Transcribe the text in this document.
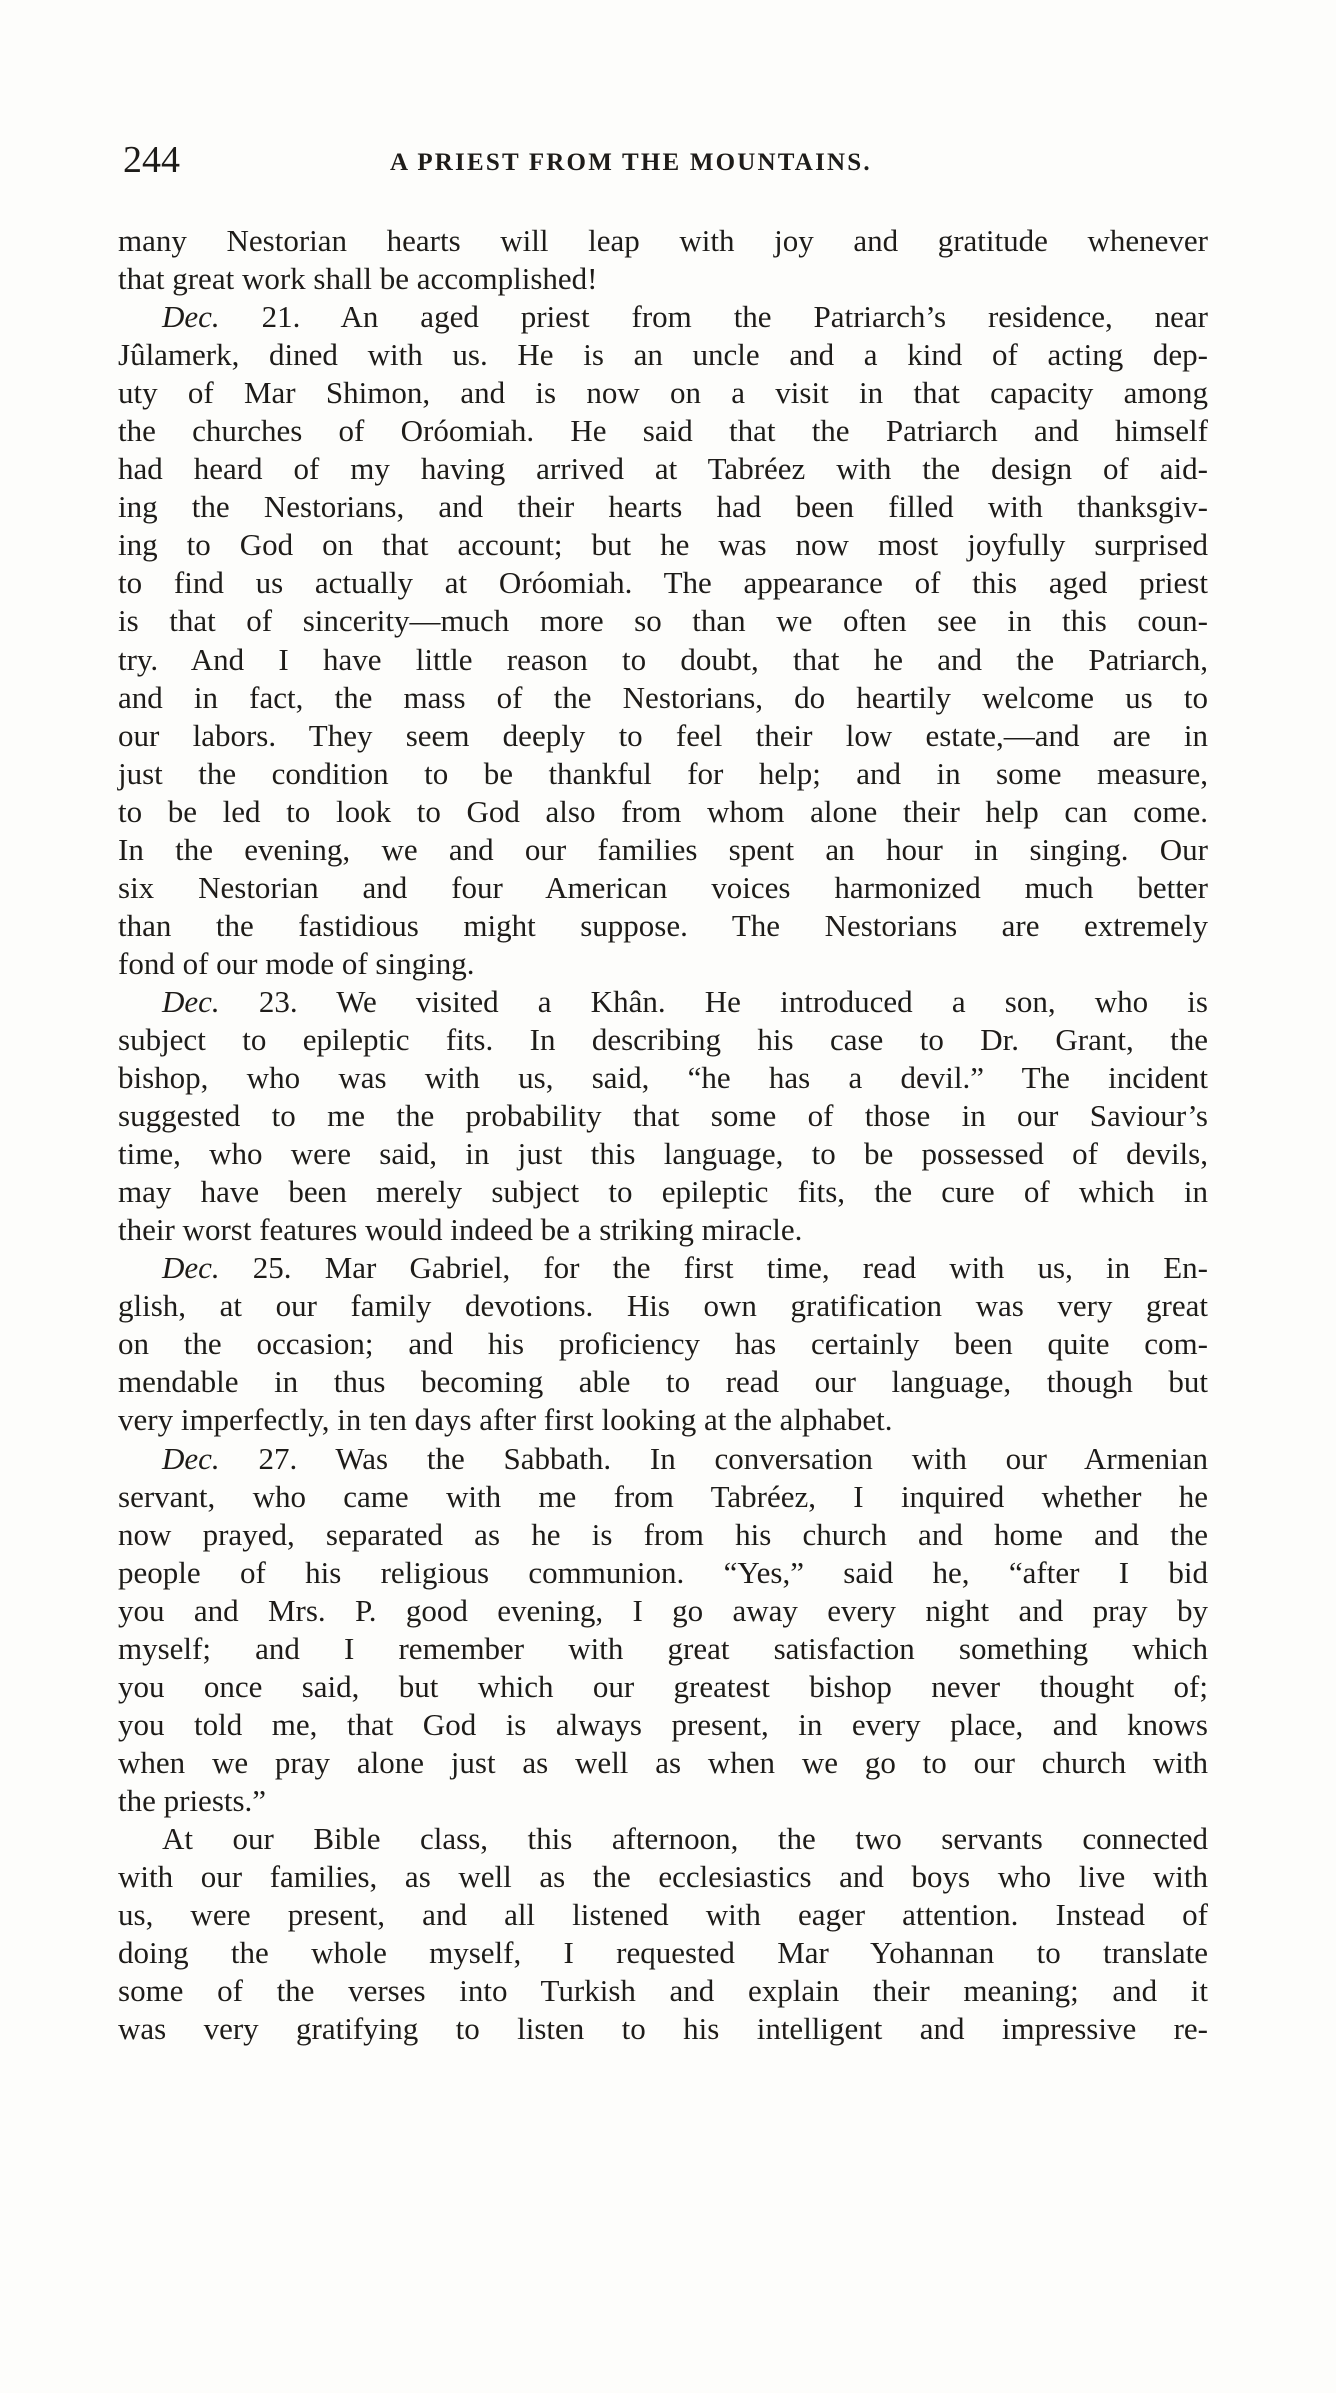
244	A PRIEST FROM THE MOUNTAINS.
many Nestorian hearts will leap with joy and gratitude whenever
that great work shall be accomplished!
Dec. 21. An aged priest from the Patriarch’s residence, near
Jûlamerk, dined with us. He is an uncle and a kind of acting dep-
uty of Mar Shimon, and is now on a visit in that capacity among
the churches of Oróomiah. He said that the Patriarch and himself
had heard of my having arrived at Tabréez with the design of aid-
ing the Nestorians, and their hearts had been filled with thanksgiv-
ing to God on that account; but he was now most joyfully surprised
to find us actually at Oróomiah. The appearance of this aged priest
is that of sincerity—much more so than we often see in this coun-
try. And I have little reason to doubt, that he and the Patriarch,
and in fact, the mass of the Nestorians, do heartily welcome us to
our labors. They seem deeply to feel their low estate,—and are in
just the condition to be thankful for help; and in some measure,
to be led to look to God also from whom alone their help can come.
In the evening, we and our families spent an hour in singing. Our
six Nestorian and four American voices harmonized much better
than the fastidious might suppose. The Nestorians are extremely
fond of our mode of singing.
Dec. 23. We visited a Khân. He introduced a son, who is
subject to epileptic fits. In describing his case to Dr. Grant, the
bishop, who was with us, said, “he has a devil.” The incident
suggested to me the probability that some of those in our Saviour’s
time, who were said, in just this language, to be possessed of devils,
may have been merely subject to epileptic fits, the cure of which in
their worst features would indeed be a striking miracle.
Dec. 25. Mar Gabriel, for the first time, read with us, in En-
glish, at our family devotions. His own gratification was very great
on the occasion; and his proficiency has certainly been quite com-
mendable in thus becoming able to read our language, though but
very imperfectly, in ten days after first looking at the alphabet.
Dec. 27. Was the Sabbath. In conversation with our Armenian
servant, who came with me from Tabréez, I inquired whether he
now prayed, separated as he is from his church and home and the
people of his religious communion. “Yes,” said he, “after I bid
you and Mrs. P. good evening, I go away every night and pray by
myself; and I remember with great satisfaction something which
you once said, but which our greatest bishop never thought of;
you told me, that God is always present, in every place, and knows
when we pray alone just as well as when we go to our church with
the priests.”
At our Bible class, this afternoon, the two servants connected
with our families, as well as the ecclesiastics and boys who live with
us, were present, and all listened with eager attention. Instead of
doing the whole myself, I requested Mar Yohannan to translate
some of the verses into Turkish and explain their meaning; and it
was very gratifying to listen to his intelligent and impressive re-
